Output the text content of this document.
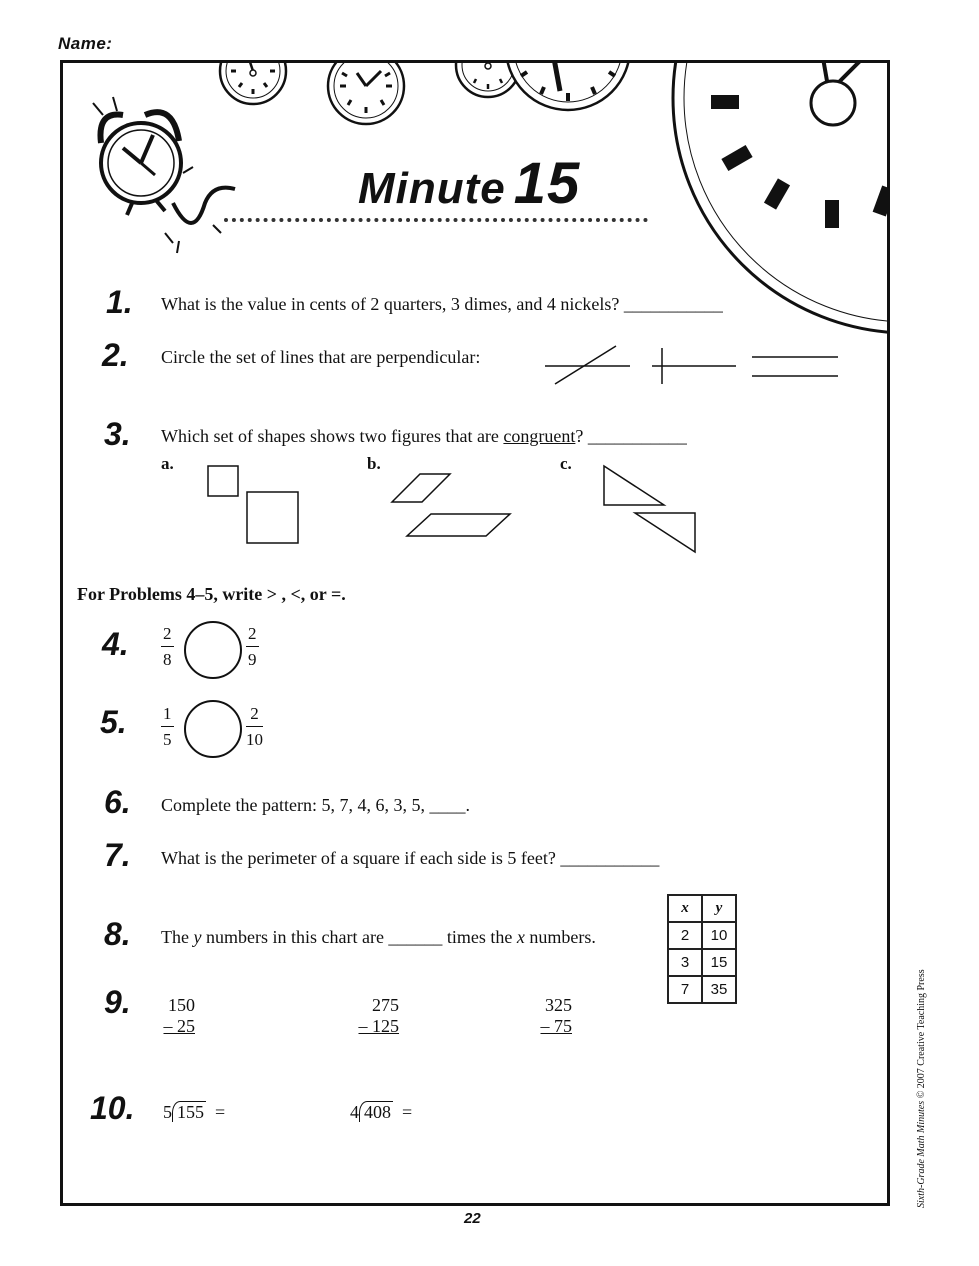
Name:
Minute 15
1. What is the value in cents of 2 quarters, 3 dimes, and 4 nickels? ___________
2. Circle the set of lines that are perpendicular:
3. Which set of shapes shows two figures that are congruent? ___________
a.	b.	c.
For Problems 4–5, write > , <, or =.
4. $\frac{2}{8}$	$\frac{2}{9}$
5. $\frac{1}{5}$	$\frac{2}{10}$
6. Complete the pattern: 5, 7, 4, 6, 3, 5, ____.
7. What is the perimeter of a square if each side is 5 feet? ___________
8. The y numbers in this chart are ______ times the x numbers.
x	y
2	10
3	15
7	35
9.	150
– 25
275
– 125
325
– 75
10. 5 155 =	4 408 =
22
Sixth-Grade Math Minutes © 2007 Creative Teaching Press
